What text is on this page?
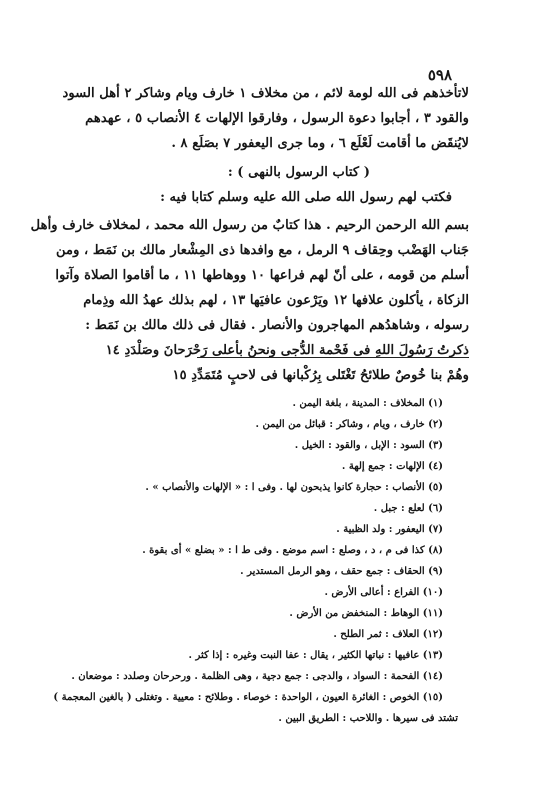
٥٩٨
لاتأخذهم فى الله لومة لائم ، من مخلاف ١ خارف ويام وشاكر ٢ أهل السود
والقود ٣ ، أجابوا دعوة الرسول ، وفارقوا الإلهات ٤ الأنصاب ٥ ، عهدهم
لايُنقَض ما أقامت لَعْلَع ٦ ، وما جرى اليعفور ٧ بصَلَع ٨ .
( كتاب الرسول بالنهى ) :
فكتب لهم رسول الله صلى الله عليه وسلم كتابا فيه :
بسم الله الرحمن الرحيم . هذا كتابٌ من رسول الله محمد ، لمخلاف خارف وأهل
جَناب الهَضْب وحِقاف ٩ الرمل ، مع وافدها ذى المِشْعار مالك بن نَمَط ، ومن
أسلم من قومه ، على أنّ لهم فراعها ١٠ ووهاطها ١١ ، ما أقاموا الصلاة وآتوا
الزكاة ، يأكلون علافها ١٢ ويَرْعون عافيَها ١٣ ، لهم بذلك عهدُ الله وذِمام
رسوله ، وشاهدُهم المهاجرون والأنصار . فقال فى ذلك مالك بن نَمَط :
ذكرتُ رَسُولَ اللهِ فى فَحْمة الدُّجى ونحنُ بأعلى رَحْرَحانَ وصَلْدَدِ ١٤
وهُمْ بنا خُوصٌ طلائحُ تَغْتَلى بِرُكْبانها فى لاحبٍ مُتَمَدِّدِ ١٥
(١) المخلاف : المدينة ، بلغة اليمن .
(٢) خارف ، ويام ، وشاكر : قبائل من اليمن .
(٣) السود : الإبل ، والقود : الخيل .
(٤) الإلهات : جمع إلهة .
(٥) الأنصاب : حجارة كانوا يذبحون لها . وفى ا : « الإلهات والأنصاب » .
(٦) لعلع : جبل .
(٧) اليعفور : ولد الظبية .
(٨) كذا فى م ، د ، وصلع : اسم موضع . وفى ط ا : « بضلع » أى بقوة .
(٩) الحقاف : جمع حقف ، وهو الرمل المستدير .
(١٠) الفراع : أعالى الأرض .
(١١) الوهاط : المنخفض من الأرض .
(١٢) العلاف : ثمر الطلح .
(١٣) عافيها : نباتها الكثير ، يقال : عفا النبت وغيره : إذا كثر .
(١٤) الفحمة : السواد ، والدجى : جمع دجية ، وهى الظلمة . ورحرحان وصلدد : موضعان .
(١٥) الخوص : الغائرة العيون ، الواحدة : خوصاء . وطلائح : معيية . وتغتلى ( بالغين المعجمة )
تشتد فى سيرها . واللاحب : الطريق البين .
